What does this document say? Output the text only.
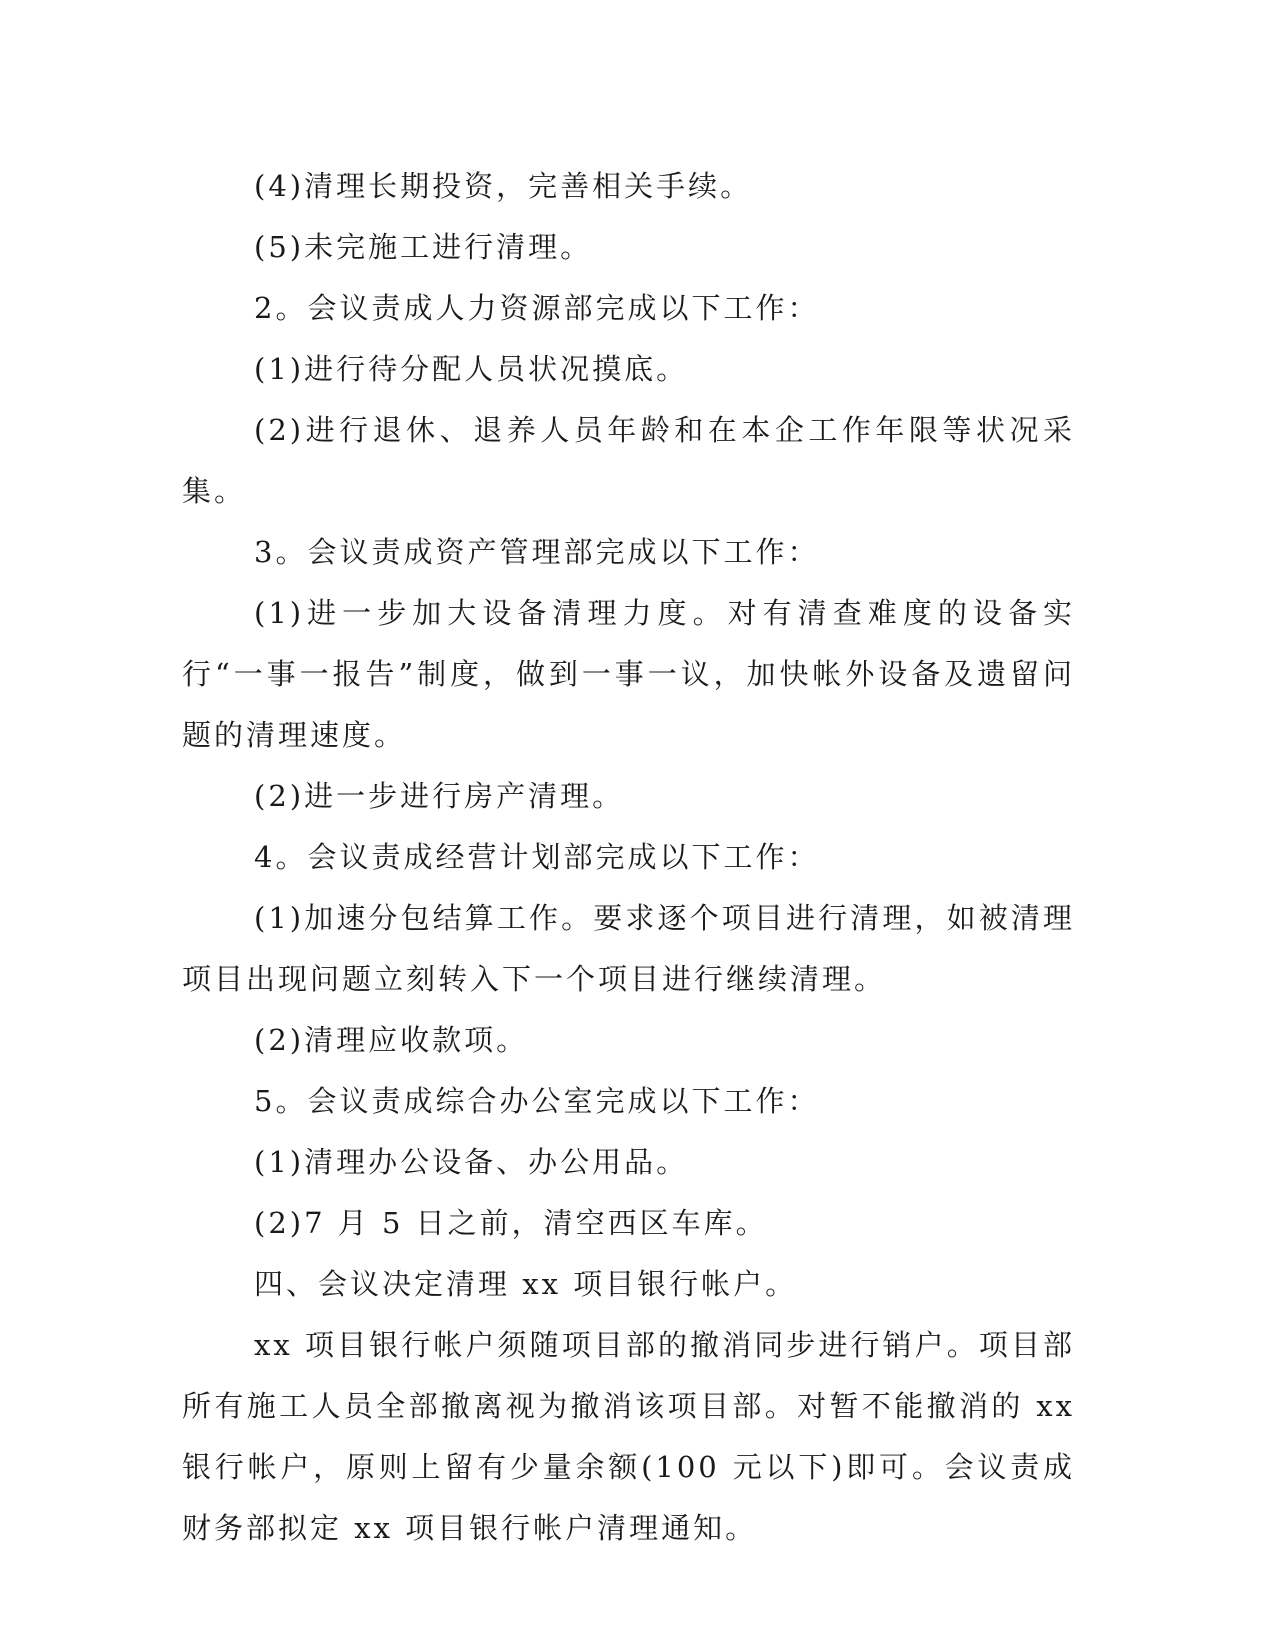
(4)清理长期投资，完善相关手续。

(5)未完施工进行清理。

2。会议责成人力资源部完成以下工作：

(1)进行待分配人员状况摸底。

(2)进行退休、退养人员年龄和在本企工作年限等状况采集。

3。会议责成资产管理部完成以下工作：

(1)进一步加大设备清理力度。对有清查难度的设备实行“一事一报告”制度，做到一事一议，加快帐外设备及遗留问题的清理速度。

(2)进一步进行房产清理。

4。会议责成经营计划部完成以下工作：

(1)加速分包结算工作。要求逐个项目进行清理，如被清理项目出现问题立刻转入下一个项目进行继续清理。

(2)清理应收款项。

5。会议责成综合办公室完成以下工作：

(1)清理办公设备、办公用品。

(2)7 月 5 日之前，清空西区车库。

四、会议决定清理 xx 项目银行帐户。

xx 项目银行帐户须随项目部的撤消同步进行销户。项目部所有施工人员全部撤离视为撤消该项目部。对暂不能撤消的 xx 银行帐户，原则上留有少量余额(100 元以下)即可。会议责成财务部拟定 xx 项目银行帐户清理通知。
